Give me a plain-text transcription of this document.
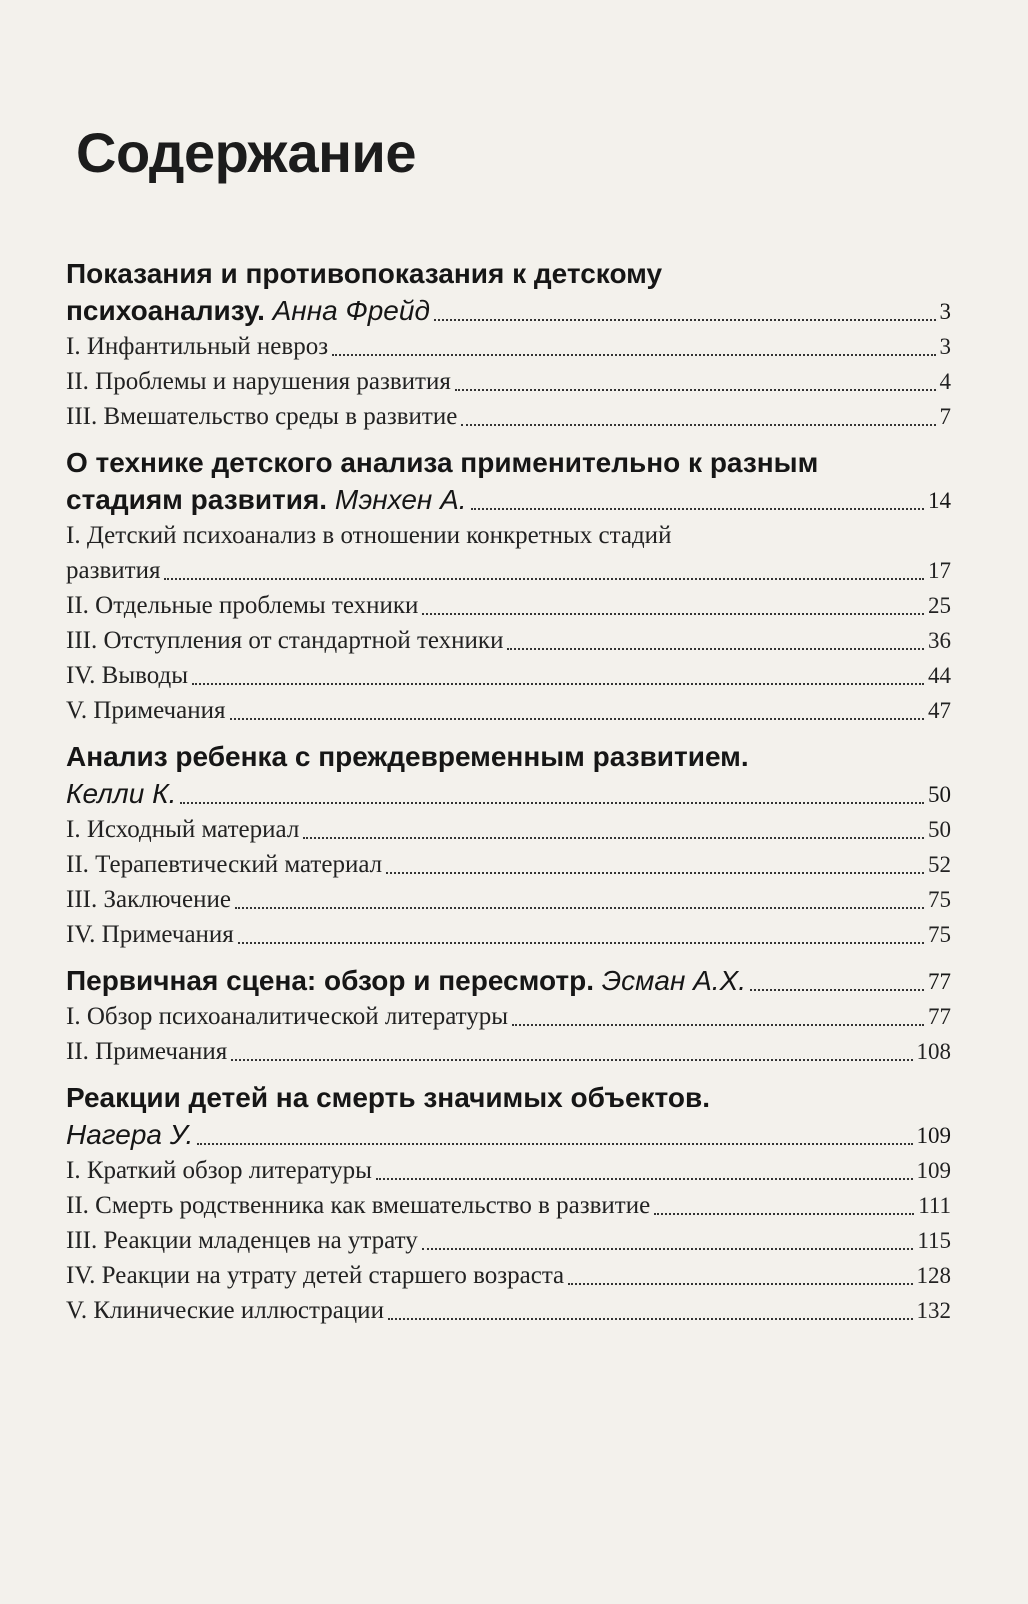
Содержание
Показания и противопоказания к детскому
психоанализу. Анна Фрейд	3
I. Инфантильный невроз	3
II. Проблемы и нарушения развития	4
III. Вмешательство среды в развитие	7
О технике детского анализа применительно к разным
стадиям развития. Мэнхен А.	14
I. Детский психоанализ в отношении конкретных стадий
развития	17
II. Отдельные проблемы техники	25
III. Отступления от стандартной техники	36
IV. Выводы	44
V. Примечания	47
Анализ ребенка с преждевременным развитием.
Келли К.	50
I. Исходный материал	50
II. Терапевтический материал	52
III. Заключение	75
IV. Примечания	75
Первичная сцена: обзор и пересмотр. Эсман А.Х.	77
I. Обзор психоаналитической литературы	77
II. Примечания	108
Реакции детей на смерть значимых объектов.
Нагера У.	109
I. Краткий обзор литературы	109
II. Смерть родственника как вмешательство в развитие	111
III. Реакции младенцев на утрату	115
IV. Реакции на утрату детей старшего возраста	128
V. Клинические иллюстрации	132
